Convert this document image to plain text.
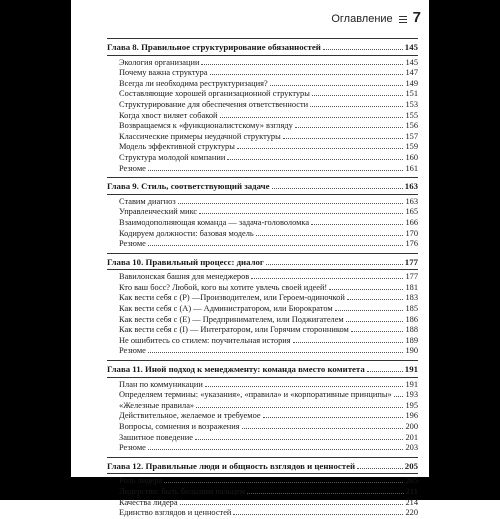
Оглавление 7
Глава 8. Правильное структурирование обязанностей	145
Экология организации	145
Почему важна структура	147
Всегда ли необходима реструктуризация?	149
Составляющие хорошей организационной структуры	151
Структурирование для обеспечения ответственности	153
Когда хвост виляет собакой	155
Возвращаемся к «функционалистскому» взгляду	156
Классические примеры неудачной структуры	157
Модель эффективной структуры	159
Структура молодой компании	160
Резюме	161
Глава 9. Стиль, соответствующий задаче	163
Ставим диагноз	163
Управленческий микс	165
Взаимодополняющая команда — задача-головоломка	166
Кодируем должности: базовая модель	170
Резюме	176
Глава 10. Правильный процесс: диалог	177
Вавилонская башня для менеджеров	177
Кто ваш босс? Любой, кого вы хотите увлечь своей идеей!	181
Как вести себя с (P) —Производителем, или Героем-одиночкой	183
Как вести себя с (A) — Администратором, или Бюрократом	185
Как вести себя с (E) — Предпринимателем, или Поджигателем	186
Как вести себя с (I) — Интегратором, или Горячим сторонником	188
Не ошибитесь со стилем: поучительная история	189
Резюме	190
Глава 11. Иной подход к менеджменту: команда вместо комитета	191
План по коммуникации	191
Определяем термины: «указания», «правила» и «корпоративные принципы» 193
«Железные правила»	195
Действительное, желаемое и требуемое	196
Вопросы, сомнения и возражения	200
Зашитное поведение	201
Резюме	203
Глава 12. Правильные люди и общность взглядов и ценностей	205
Роль лидера	205
Лидерство: быть большим пальцем	211
Качества лидера	214
Единство взглядов и ценностей	220
